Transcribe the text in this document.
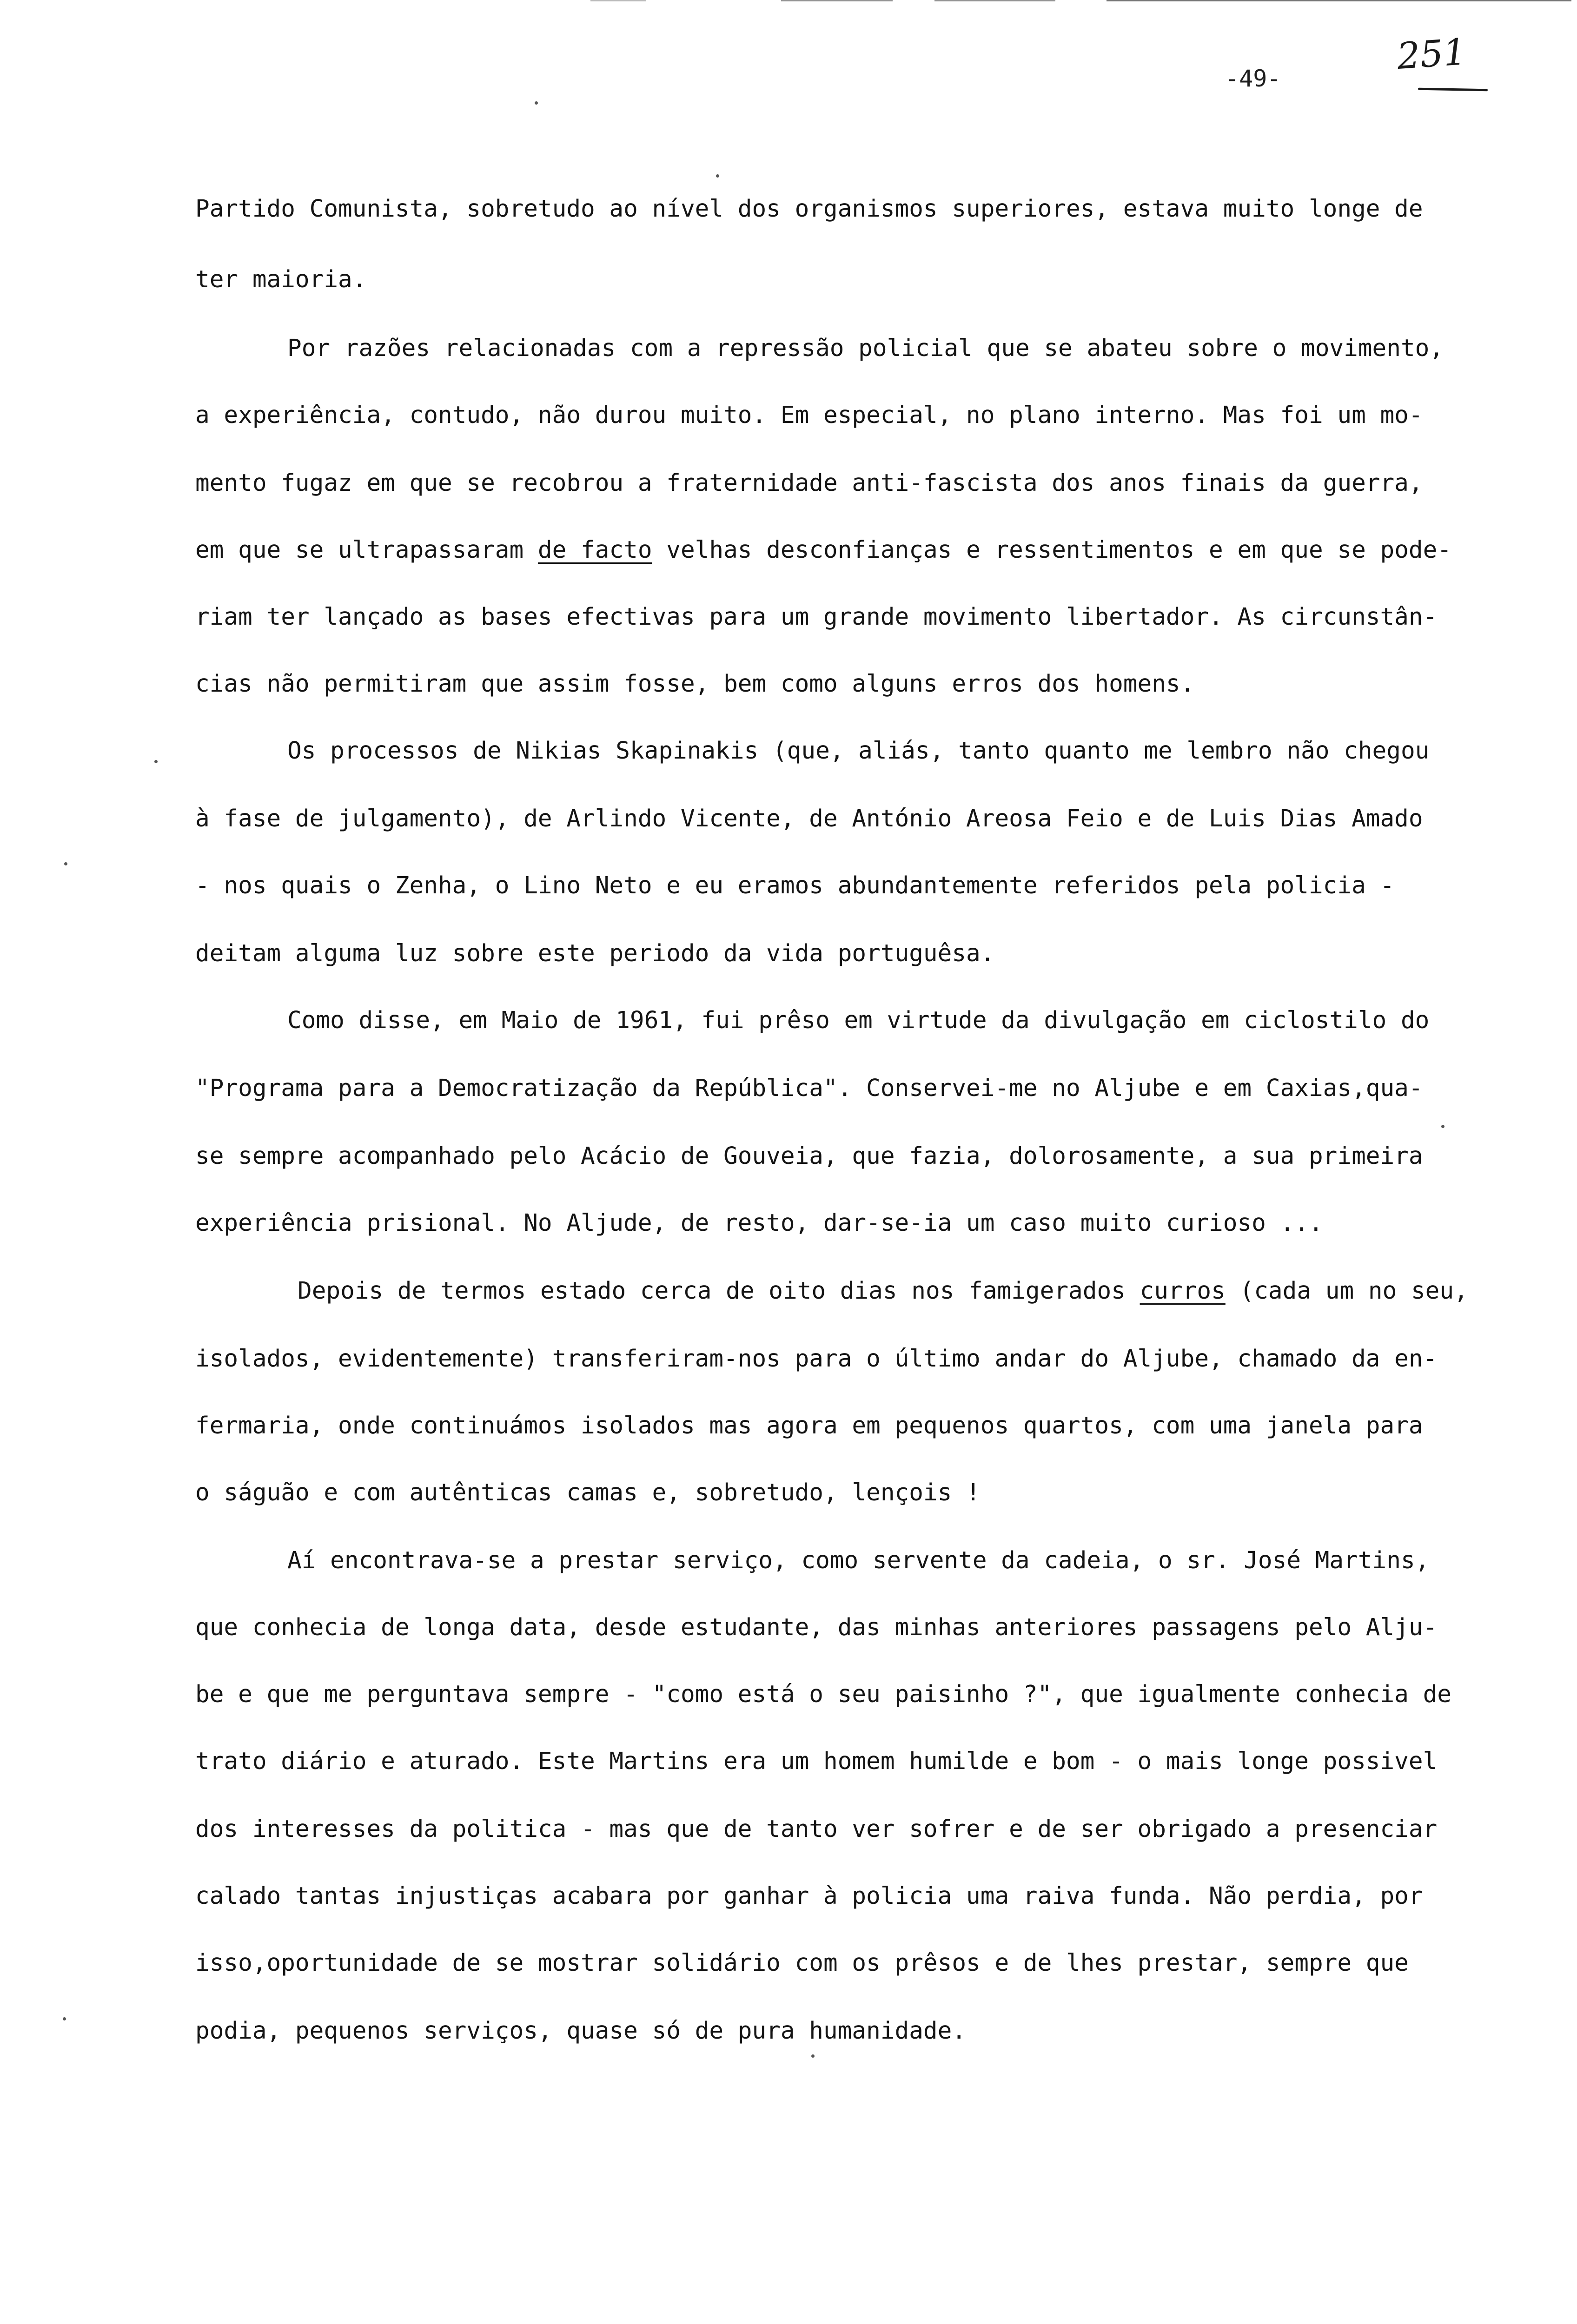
-49-
251
Partido Comunista, sobretudo ao nível dos organismos superiores, estava muito longe de
ter maioria.
Por razões relacionadas com a repressão policial que se abateu sobre o movimento,
a experiência, contudo, não durou muito. Em especial, no plano interno. Mas foi um mo-
mento fugaz em que se recobrou a fraternidade anti-fascista dos anos finais da guerra,
em que se ultrapassaram de facto velhas desconfianças e ressentimentos e em que se pode-
riam ter lançado as bases efectivas para um grande movimento libertador. As circunstân-
cias não permitiram que assim fosse, bem como alguns erros dos homens.
Os processos de Nikias Skapinakis (que, aliás, tanto quanto me lembro não chegou
à fase de julgamento), de Arlindo Vicente, de António Areosa Feio e de Luis Dias Amado
- nos quais o Zenha, o Lino Neto e eu eramos abundantemente referidos pela policia -
deitam alguma luz sobre este periodo da vida portuguêsa.
Como disse, em Maio de 1961, fui prêso em virtude da divulgação em ciclostilo do
"Programa para a Democratização da República". Conservei-me no Aljube e em Caxias,qua-
se sempre acompanhado pelo Acácio de Gouveia, que fazia, dolorosamente, a sua primeira
experiência prisional. No Aljude, de resto, dar-se-ia um caso muito curioso ...
Depois de termos estado cerca de oito dias nos famigerados curros (cada um no seu,
isolados, evidentemente) transferiram-nos para o último andar do Aljube, chamado da en-
fermaria, onde continuámos isolados mas agora em pequenos quartos, com uma janela para
o ságuão e com autênticas camas e, sobretudo, lençois !
Aí encontrava-se a prestar serviço, como servente da cadeia, o sr. José Martins,
que conhecia de longa data, desde estudante, das minhas anteriores passagens pelo Alju-
be e que me perguntava sempre - "como está o seu paisinho ?", que igualmente conhecia de
trato diário e aturado. Este Martins era um homem humilde e bom - o mais longe possivel
dos interesses da politica - mas que de tanto ver sofrer e de ser obrigado a presenciar
calado tantas injustiças acabara por ganhar à policia uma raiva funda. Não perdia, por
isso,oportunidade de se mostrar solidário com os prêsos e de lhes prestar, sempre que
podia, pequenos serviços, quase só de pura humanidade.
